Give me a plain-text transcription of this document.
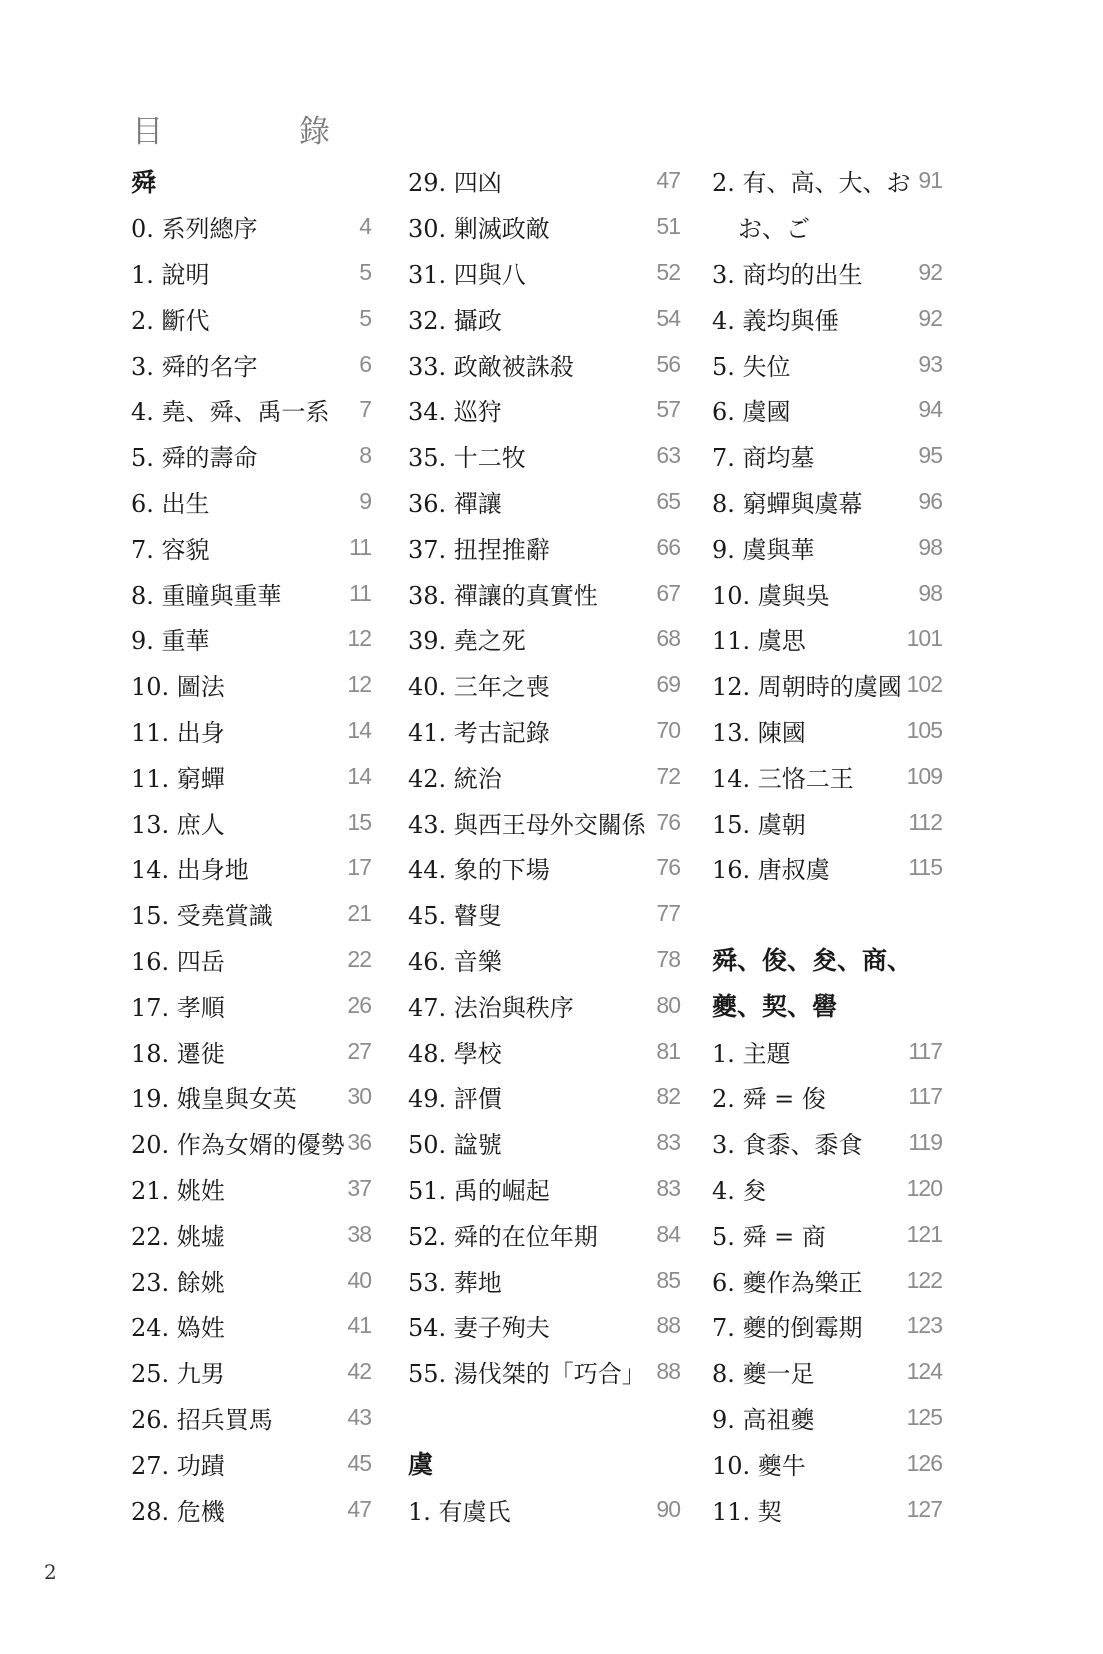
目	錄
舜
0. 系列總序	4
1. 說明	5
2. 斷代	5
3. 舜的名字	6
4. 堯、舜、禹一系 7
5. 舜的壽命	8
6. 出生	9
7. 容貌	11
8. 重瞳與重華	11
9. 重華	12
10. 圖法	12
11. 出身	14
11. 窮蟬	14
13. 庶人	15
14. 出身地	17
15. 受堯賞識	21
16. 四岳	22
17. 孝順	26
18. 遷徙	27
19. 娥皇與女英 30
20. 作為女婿的優勢 36
21. 姚姓	37
22. 姚墟	38
23. 餘姚	40
24. 媯姓	41
25. 九男	42
26. 招兵買馬	43
27. 功蹟	45
28. 危機	47
29. 四凶	47
30. 剿滅政敵	51
31. 四與八	52
32. 攝政	54
33. 政敵被誅殺	56
34. 巡狩	57
35. 十二牧	63
36. 禪讓	65
37. 扭捏推辭	66
38. 禪讓的真實性	67
39. 堯之死	68
40. 三年之喪	69
41. 考古記錄	70
42. 統治	72
43. 與西王母外交關係 76
44. 象的下場	76
45. 瞽叟	77
46. 音樂	78
47. 法治與秩序	80
48. 學校	81
49. 評價	82
50. 諡號	83
51. 禹的崛起	83
52. 舜的在位年期	84
53. 葬地	85
54. 妻子殉夫	88
55. 湯伐桀的「巧合」 88
虞
1. 有虞氏	90
2. 有、高、大、お 91
お、ご
3. 商均的出生 92
4. 義均與倕	92
5. 失位	93
6. 虞國	94
7. 商均墓	95
8. 窮蟬與虞幕 96
9. 虞與華	98
10. 虞與吳	98
11. 虞思	101
12. 周朝時的虞國 102
13. 陳國	105
14. 三恪二王 109
15. 虞朝	112
16. 唐叔虞	115
舜、俊、夋、商、
夔、契、嚳
1. 主題	117
2. 舜 = 俊	117
3. 食黍、黍食 119
4. 夋	120
5. 舜 = 商	121
6. 夔作為樂正 122
7. 夔的倒霉期 123
8. 夔一足	124
9. 高祖夔	125
10. 夔牛	126
11. 契	127
2
